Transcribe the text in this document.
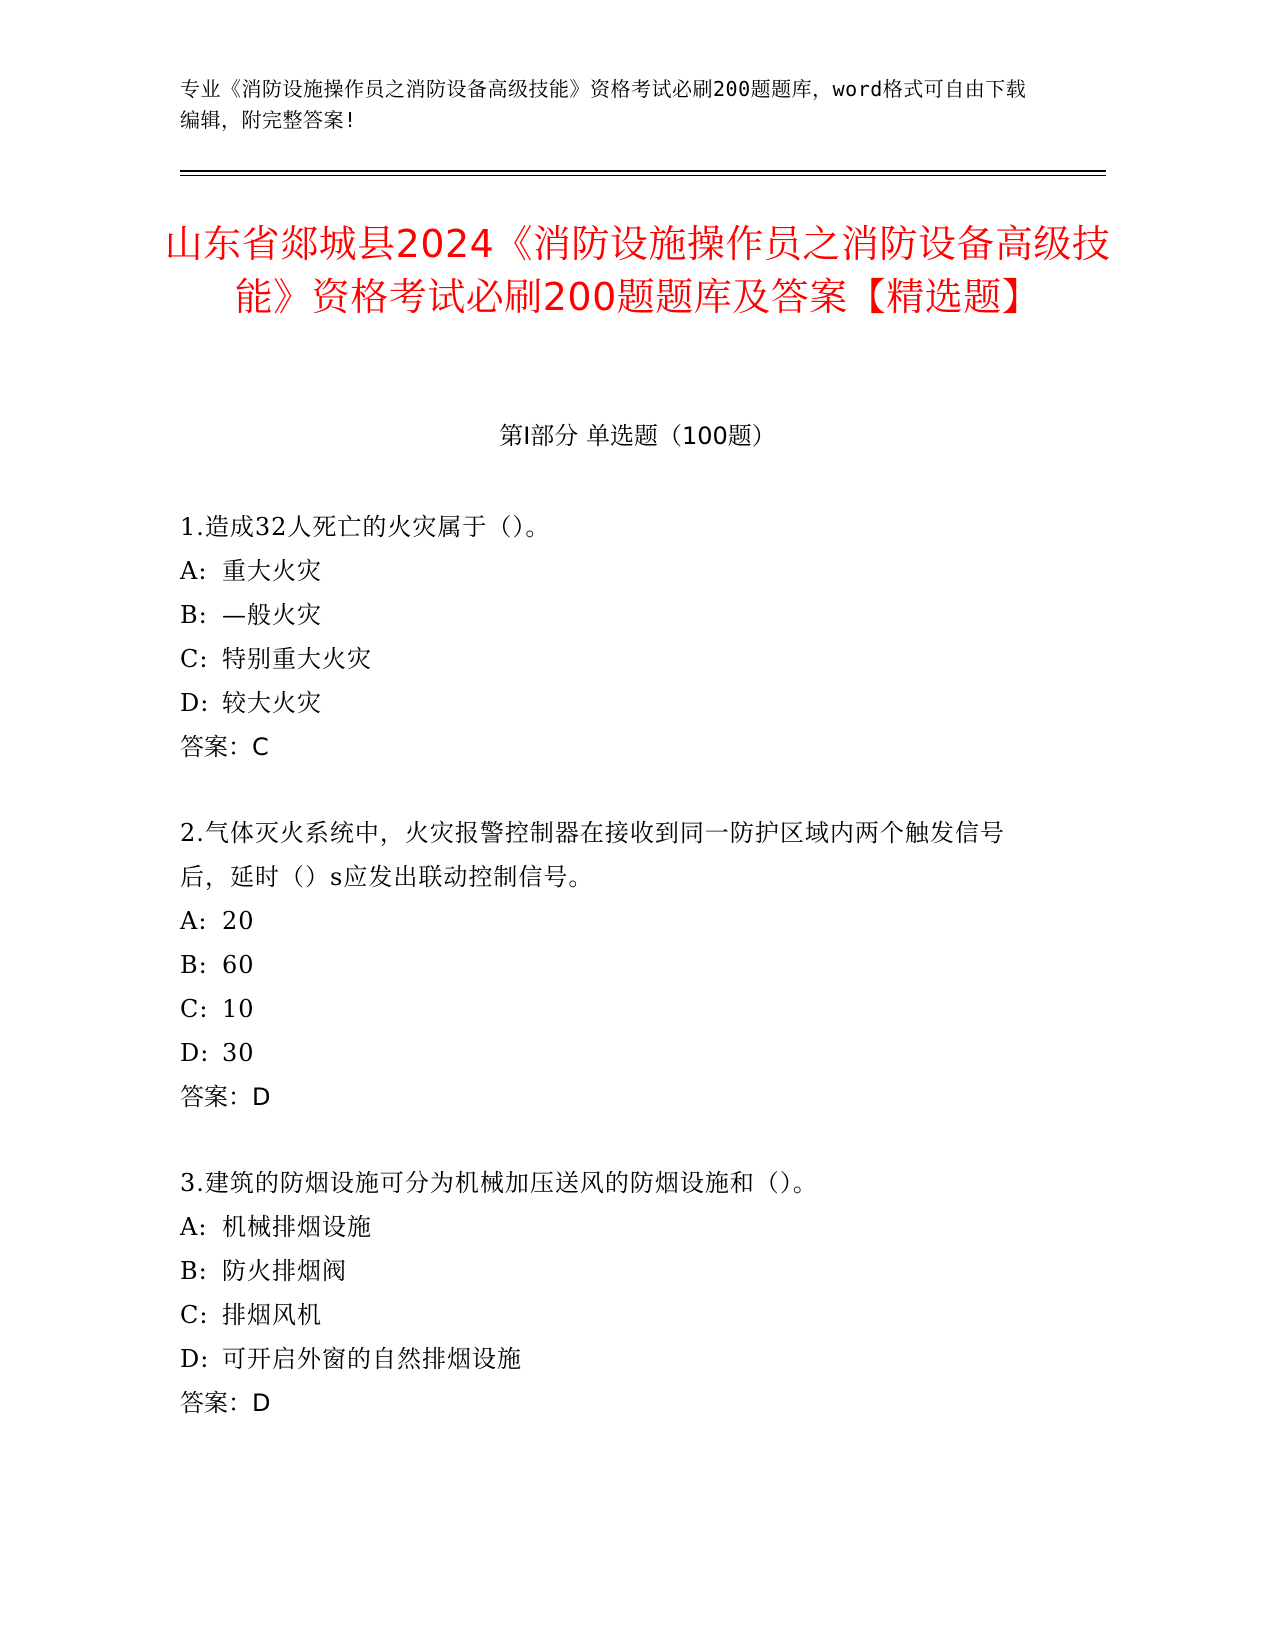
专业《消防设施操作员之消防设备高级技能》资格考试必刷200题题库，word格式可自由下载编辑，附完整答案!

山东省郯城县2024《消防设施操作员之消防设备高级技能》资格考试必刷200题题库及答案【精选题】
第I部分 单选题（100题）

1.造成32人死亡的火灾属于（）。

A: 重大火灾

B: —般火灾

C: 特别重大火灾

D: 较大火灾

答案：C

2.气体灭火系统中，火灾报警控制器在接收到同一防护区域内两个触发信号后，延时（）s应发出联动控制信号。

A: 20

B: 60

C: 10

D: 30

答案：D

3.建筑的防烟设施可分为机械加压送风的防烟设施和（）。

A: 机械排烟设施

B: 防火排烟阀

C: 排烟风机

D: 可开启外窗的自然排烟设施

答案：D
